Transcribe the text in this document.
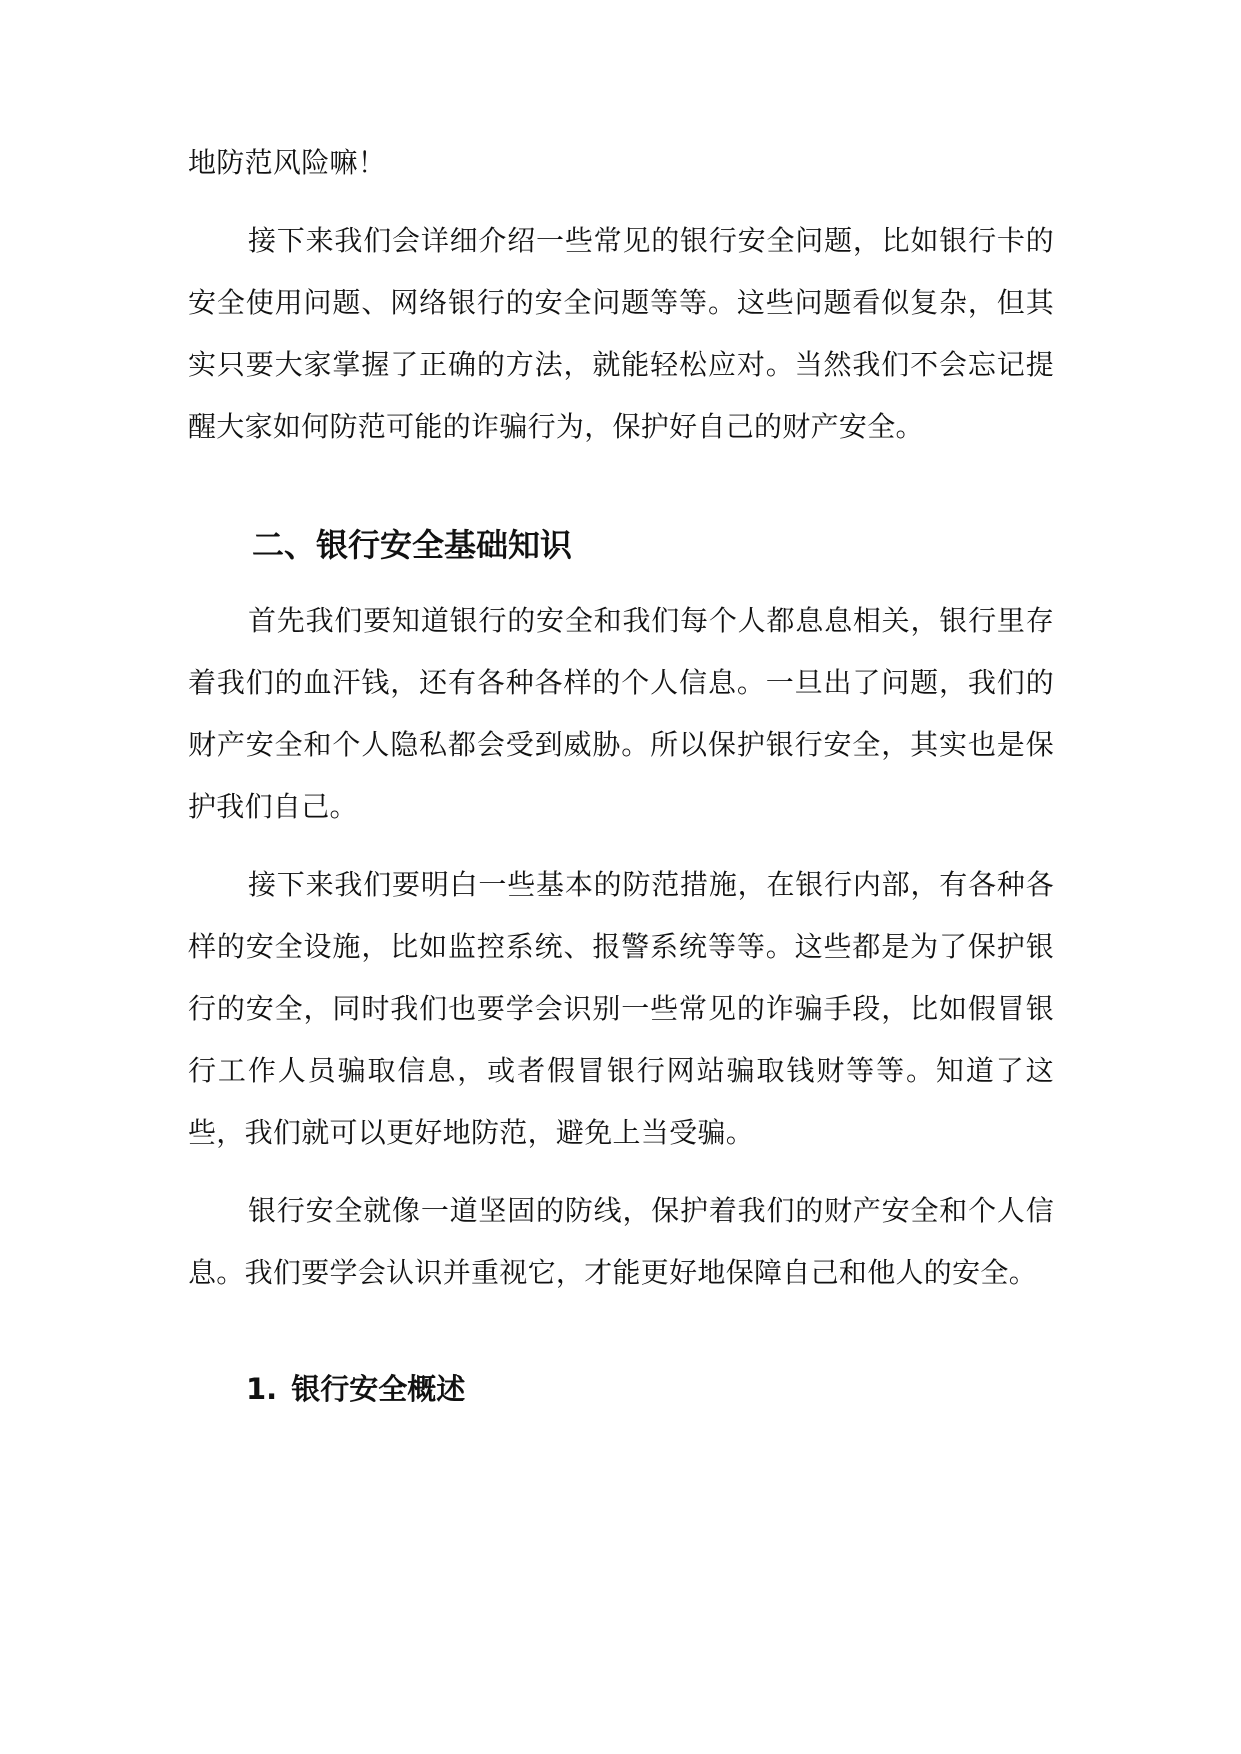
地防范风险嘛！

接下来我们会详细介绍一些常见的银行安全问题，比如银行卡的安全使用问题、网络银行的安全问题等等。这些问题看似复杂，但其实只要大家掌握了正确的方法，就能轻松应对。当然我们不会忘记提醒大家如何防范可能的诈骗行为，保护好自己的财产安全。

二、银行安全基础知识

首先我们要知道银行的安全和我们每个人都息息相关，银行里存着我们的血汗钱，还有各种各样的个人信息。一旦出了问题，我们的财产安全和个人隐私都会受到威胁。所以保护银行安全，其实也是保护我们自己。

接下来我们要明白一些基本的防范措施，在银行内部，有各种各样的安全设施，比如监控系统、报警系统等等。这些都是为了保护银行的安全，同时我们也要学会识别一些常见的诈骗手段，比如假冒银行工作人员骗取信息，或者假冒银行网站骗取钱财等等。知道了这些，我们就可以更好地防范，避免上当受骗。

银行安全就像一道坚固的防线，保护着我们的财产安全和个人信息。我们要学会认识并重视它，才能更好地保障自己和他人的安全。

1. 银行安全概述
